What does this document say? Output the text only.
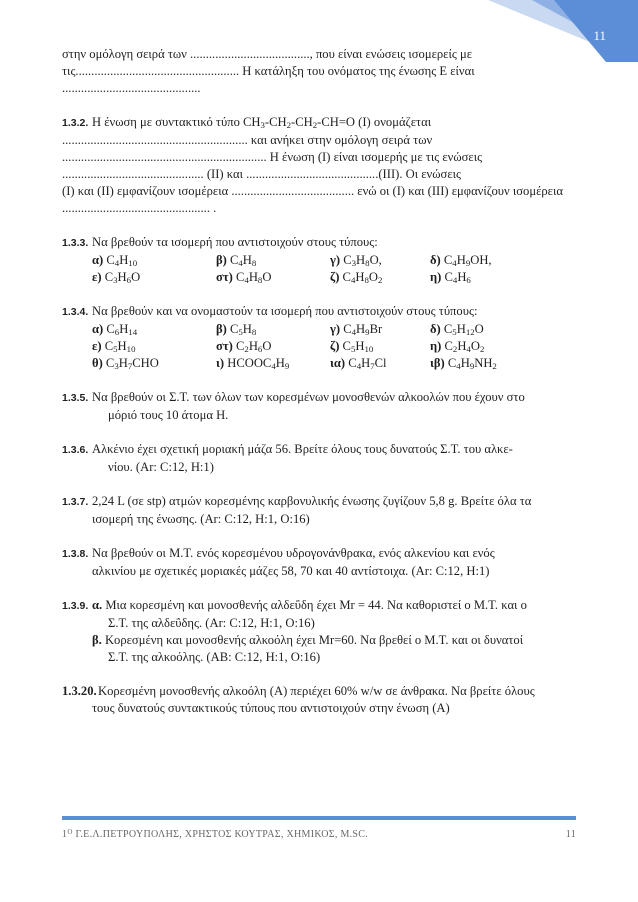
11
στην ομόλογη σειρά των ......................................, που είναι ενώσεις ισομερείς με
τις.................................................... Η κατάληξη του ονόματος της ένωσης Ε είναι
............................................
1.3.2. Η ένωση με συντακτικό τύπο $CH_3-CH_2-CH_2-CH=O$ (I) ονομάζεται
........................................................... και ανήκει στην ομόλογη σειρά των
................................................................. Η ένωση (Ι) είναι ισομερής με τις ενώσεις
............................................. (ΙΙ) και ..........................................(ΙΙΙ). Οι ενώσεις
(Ι) και (ΙΙ) εμφανίζουν ισομέρεια ....................................... ενώ οι (Ι) και (ΙΙΙ) εμφανίζουν ισομέρεια
............................................... .
1.3.3. Να βρεθούν τα ισομερή που αντιστοιχούν στους τύπους:
α) $C_4H_{10}$	β) $C_4H_8$	γ) $C_3H_8O$,	δ) $C_4H_9OH$,
ε) $C_3H_6O$	στ) $C_4H_8O$	ζ) $C_4H_8O_2$	η) $C_4H_6$
1.3.4. Να βρεθούν και να ονομαστούν τα ισομερή που αντιστοιχούν στους τύπους:
α) $C_6H_{14}$	β) $C_5H_8$	γ) $C_4H_9Br$	δ) $C_5H_{12}O$
ε) $C_5H_{10}$	στ) $C_2H_6O$	ζ) $C_5H_{10}$	η) $C_2H_4O_2$
θ) $C_3H_7CHO$	ι) $HCOOC_4H_9$	ια) $C_4H_7Cl$	ιβ) $C_4H_9NH_2$
1.3.5. Να βρεθούν οι Σ.Τ. των όλων των κορεσμένων μονοσθενών αλκοολών που έχουν στο
μόριό τους 10 άτομα Η.
1.3.6. Αλκένιο έχει σχετική μοριακή μάζα 56. Βρείτε όλους τους δυνατούς Σ.Τ. του αλκε-
νίου. (Ar: C:12, H:1)
1.3.7. 2,24 L (σε stp) ατμών κορεσμένης καρβονυλικής ένωσης ζυγίζουν 5,8 g. Βρείτε όλα τα
ισομερή της ένωσης. (Ar: C:12, H:1, O:16)
1.3.8. Να βρεθούν οι Μ.Τ. ενός κορεσμένου υδρογονάνθρακα, ενός αλκενίου και ενός
αλκινίου με σχετικές μοριακές μάζες 58, 70 και 40 αντίστοιχα. (Ar: C:12, H:1)
1.3.9. α. Μια κορεσμένη και μονοσθενής αλδεΰδη έχει Mr = 44. Να καθοριστεί ο Μ.Τ. και ο
Σ.Τ. της αλδεΰδης. (Ar: C:12, H:1, O:16)
β. Κορεσμένη και μονοσθενής αλκοόλη έχει Mr=60. Να βρεθεί ο Μ.Τ. και οι δυνατοί
Σ.Τ. της αλκοόλης. (ΑΒ: C:12, H:1, O:16)
1.3.20.Κορεσμένη μονοσθενής αλκοόλη (Α) περιέχει 60% w/w σε άνθρακα. Να βρείτε όλους
τους δυνατούς συντακτικούς τύπους που αντιστοιχούν στην ένωση (Α)
$1^O$ Γ.Ε.Λ.ΠΕΤΡΟΥΠΟΛΗΣ, ΧΡΗΣΤΟΣ ΚΟΥΤΡΑΣ, ΧΗΜΙΚΟΣ, M.SC.	11
